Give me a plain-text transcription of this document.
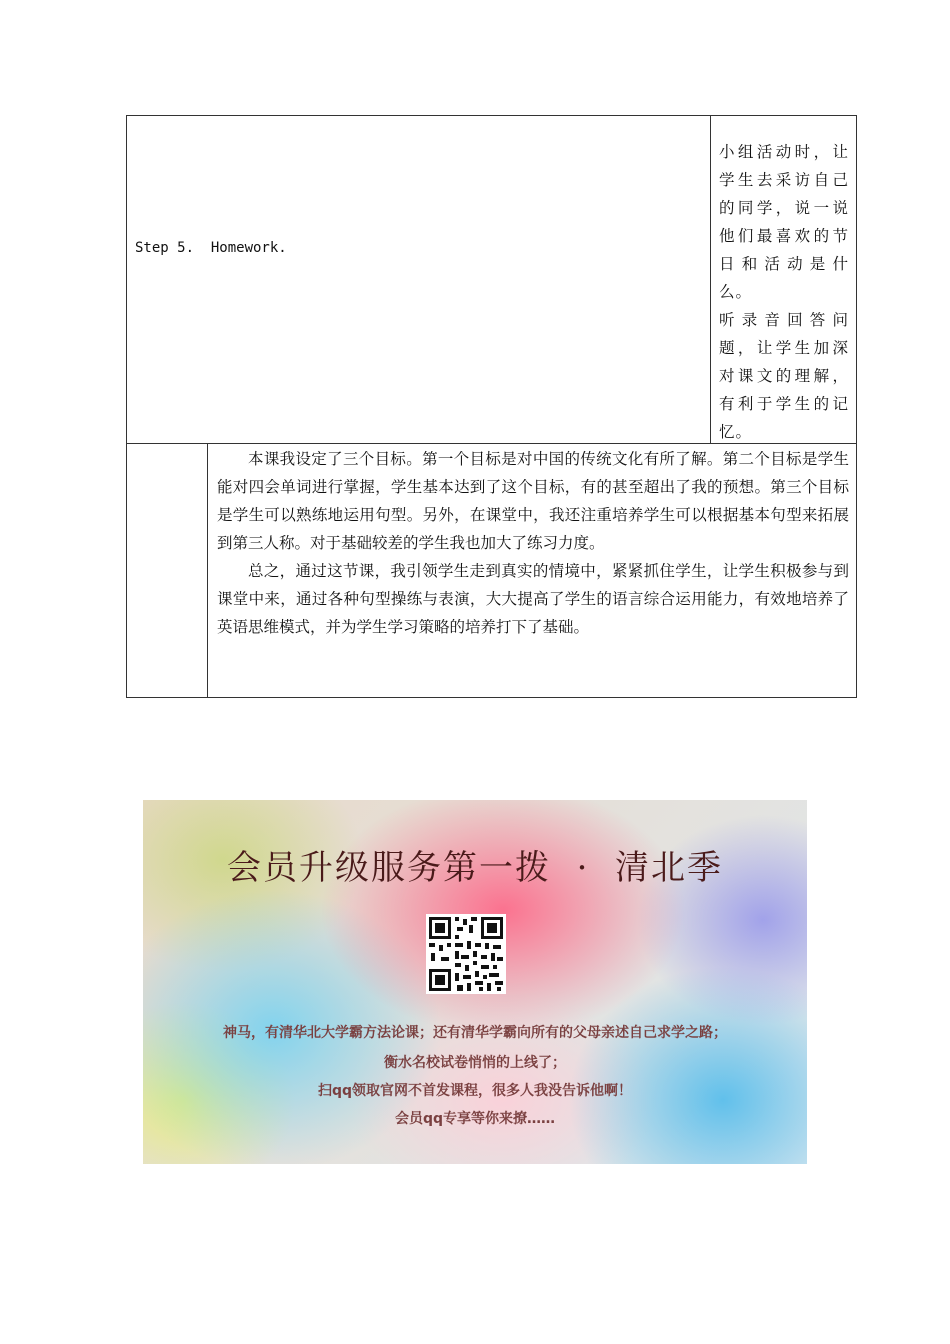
Step 5.  Homework.

小组活动时，让学生去采访自己的同学，说一说他们最喜欢的节日和活动是什么。

听录音回答问题，让学生加深对课文的理解，有利于学生的记忆。

本课我设定了三个目标。第一个目标是对中国的传统文化有所了解。第二个目标是学生能对四会单词进行掌握，学生基本达到了这个目标，有的甚至超出了我的预想。第三个目标是学生可以熟练地运用句型。另外，在课堂中，我还注重培养学生可以根据基本句型来拓展到第三人称。对于基础较差的学生我也加大了练习力度。

总之，通过这节课，我引领学生走到真实的情境中，紧紧抓住学生，让学生积极参与到课堂中来，通过各种句型操练与表演，大大提高了学生的语言综合运用能力，有效地培养了英语思维模式，并为学生学习策略的培养打下了基础。

会员升级服务第一拨  ·  清北季
神马，有清华北大学霸方法论课；还有清华学霸向所有的父母亲述自己求学之路；
衡水名校试卷悄悄的上线了；
扫qq领取官网不首发课程，很多人我没告诉他啊！
会员qq专享等你来撩……
